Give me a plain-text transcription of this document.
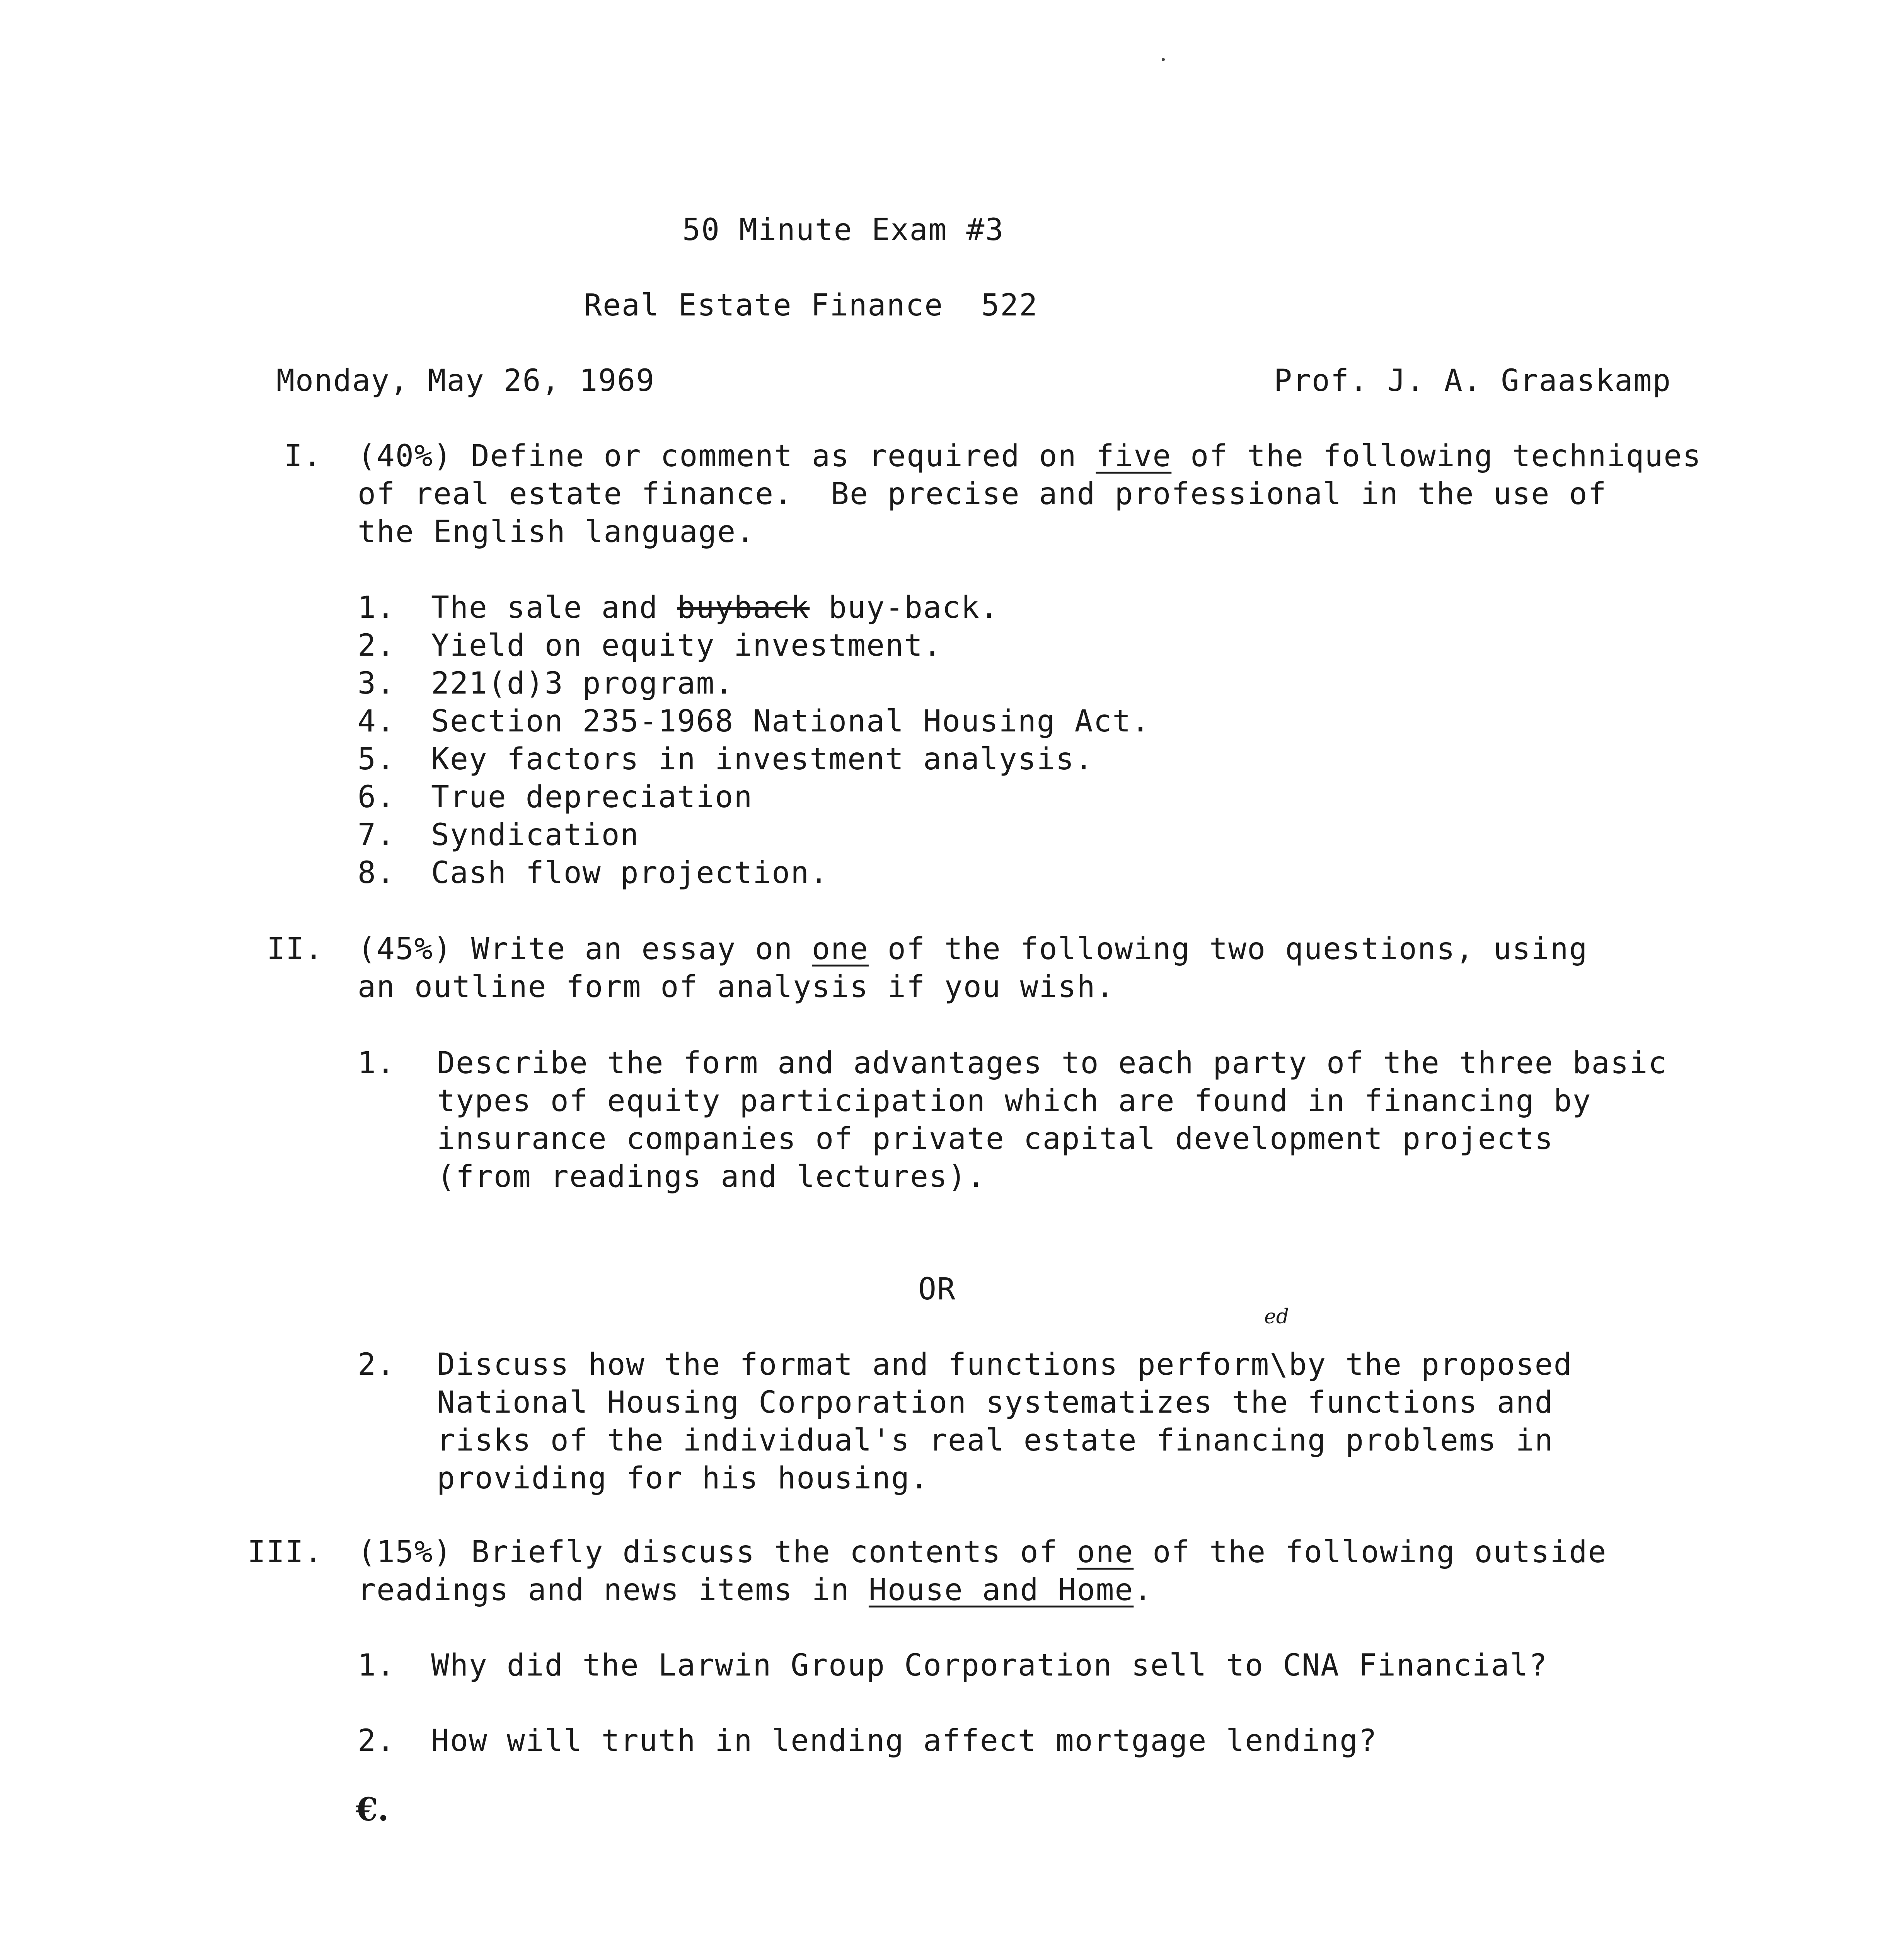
50 Minute Exam #3
Real Estate Finance  522
Monday, May 26, 1969	Prof. J. A. Graaskamp
I. (40%) Define or comment as required on five of the following techniques
of real estate finance.  Be precise and professional in the use of
the English language.
1. The sale and buyback buy-back.
2. Yield on equity investment.
3. 221(d)3 program.
4. Section 235-1968 National Housing Act.
5. Key factors in investment analysis.
6. True depreciation
7. Syndication
8. Cash flow projection.
II. (45%) Write an essay on one of the following two questions, using
an outline form of analysis if you wish.
1. Describe the form and advantages to each party of the three basic
types of equity participation which are found in financing by
insurance companies of private capital development projects
(from readings and lectures).
OR
ed
2. Discuss how the format and functions perform\by the proposed
National Housing Corporation systematizes the functions and
risks of the individual's real estate financing problems in
providing for his housing.
III. (15%) Briefly discuss the contents of one of the following outside
readings and news items in House and Home.
1. Why did the Larwin Group Corporation sell to CNA Financial?
2. How will truth in lending affect mortgage lending?
€.
